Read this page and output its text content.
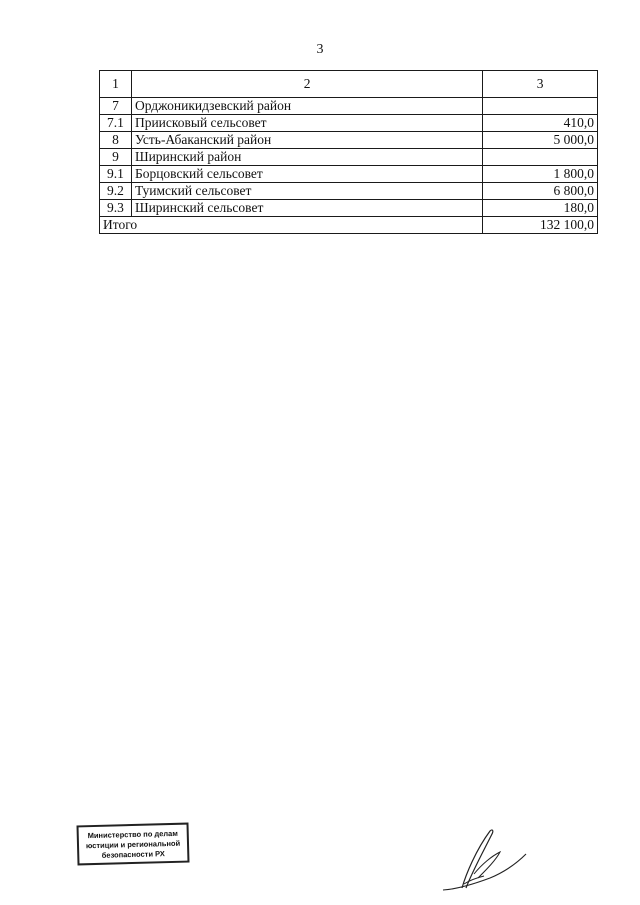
3
1	2	3
7	Орджоникидзевский район	
7.1	Приисковый сельсовет	410,0
8	Усть-Абаканский район	5 000,0
9	Ширинский район	
9.1	Борцовский сельсовет	1 800,0
9.2	Туимский сельсовет	6 800,0
9.3	Ширинский сельсовет	180,0
Итого		132 100,0
Министерство по делам
юстиции и региональной
безопасности РХ
